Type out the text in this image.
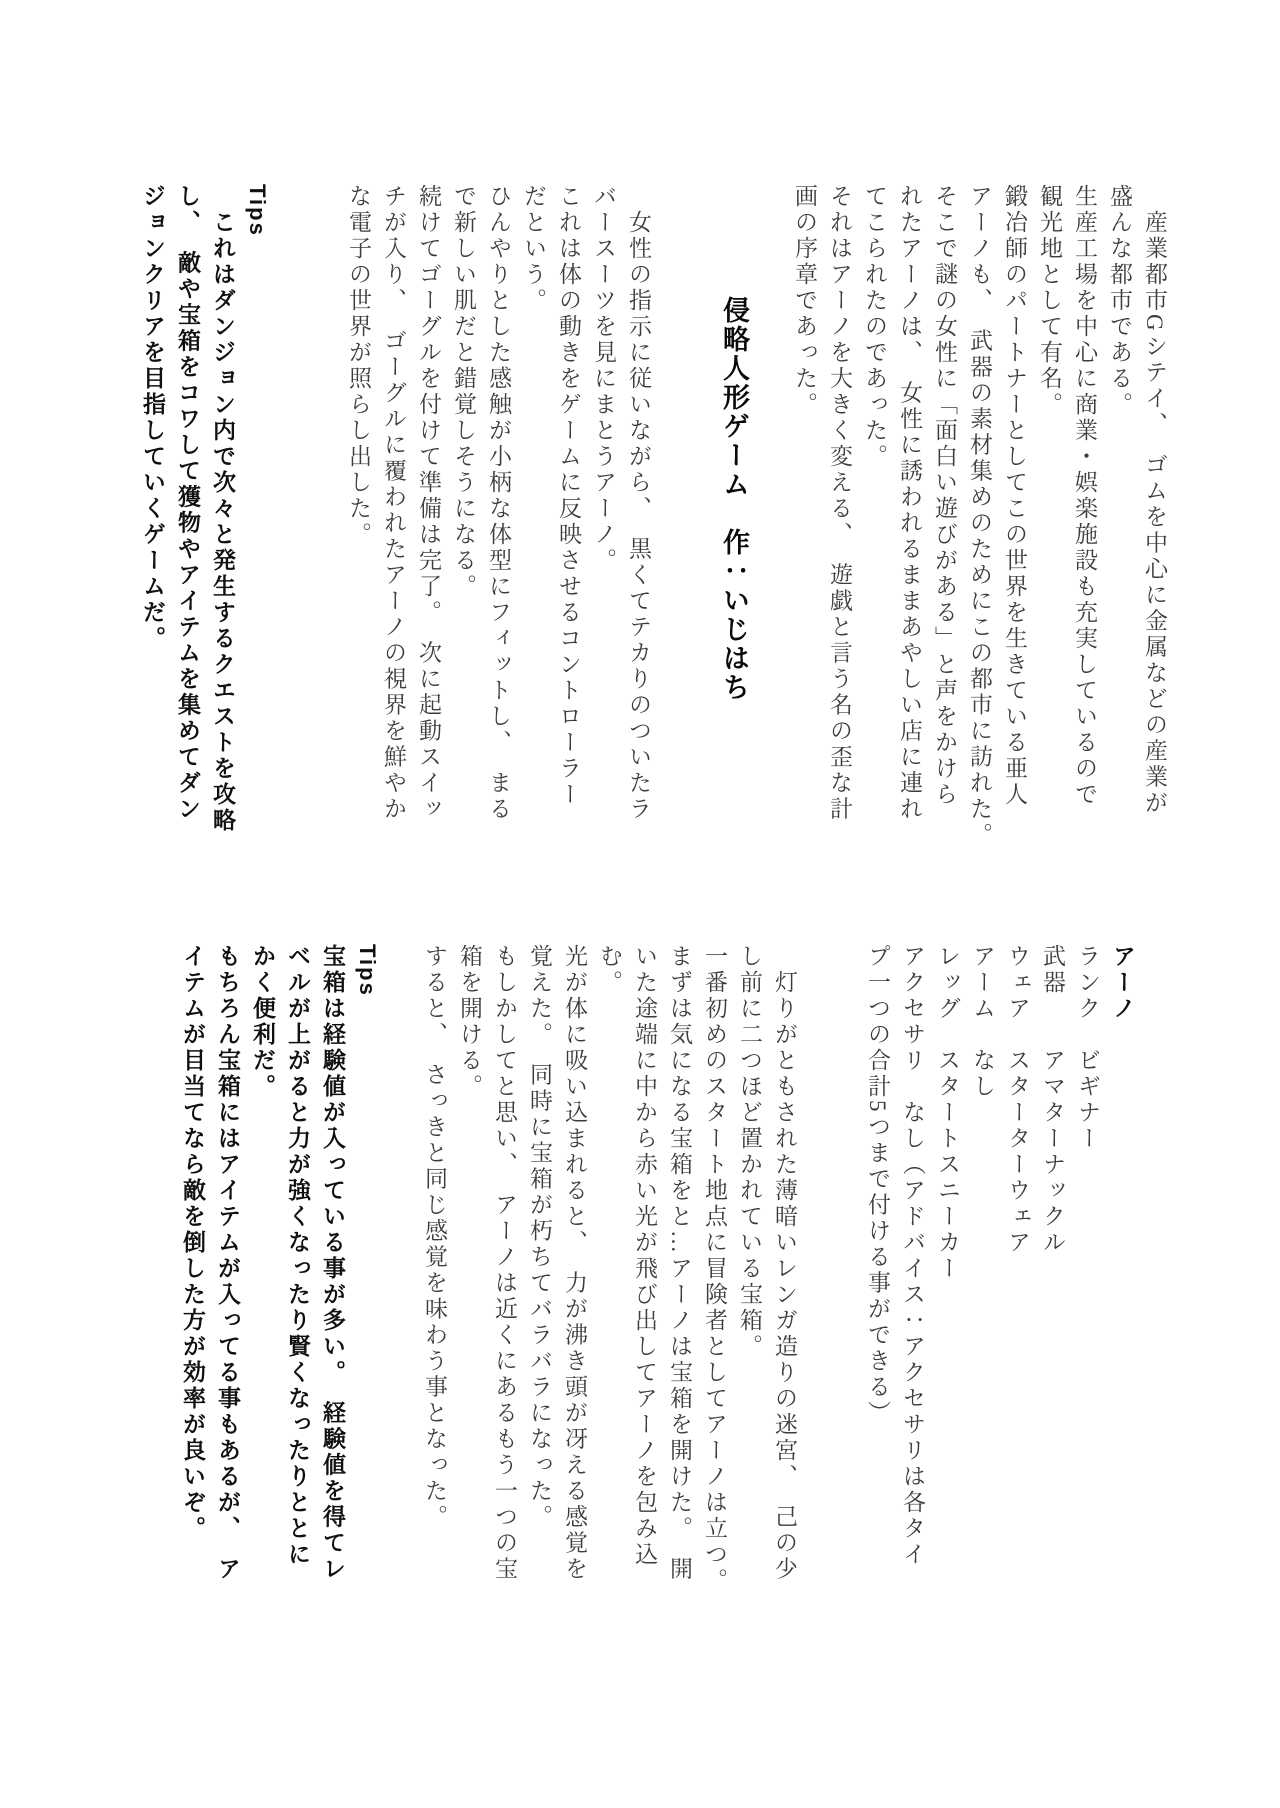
　産業都市Gシテイ、　ゴムを中心に金属などの産業が

盛んな都市である。

生産工場を中心に商業・娯楽施設も充実しているので

観光地として有名。

鍛冶師のパートナーとしてこの世界を生きている亜人

アーノも、　武器の素材集めのためにこの都市に訪れた。

そこで謎の女性に「面白い遊びがある」と声をかけら

れたアーノは、　女性に誘われるままあやしい店に連れ

てこられたのであった。

それはアーノを大きく変える、　遊戯と言う名の歪な計

画の序章であった。

侵略人形ゲーム　作：いじはち

　女性の指示に従いながら、　黒くてテカりのついたラ

バースーツを見にまとうアーノ。

これは体の動きをゲームに反映させるコントローラー

だという。

ひんやりとした感触が小柄な体型にフィットし、　まる

で新しい肌だと錯覚しそうになる。

続けてゴーグルを付けて準備は完了。　次に起動スイッ

チが入り、　ゴーグルに覆われたアーノの視界を鮮やか

な電子の世界が照らし出した。

Tips

　これはダンジョン内で次々と発生するクエストを攻略

し、　敵や宝箱をコワして獲物やアイテムを集めてダン

ジョンクリアを目指していくゲームだ。

アーノ

ランク　ビギナー

武器　　アマターナックル

ウェア　スターターウェア

アーム　なし

レッグ　スタートスニーカー

アクセサリ　なし（アドバイス：アクセサリは各タイ

プ一つの合計5つまで付ける事ができる）

　灯りがともされた薄暗いレンガ造りの迷宮、　己の少

し前に二つほど置かれている宝箱。

一番初めのスタート地点に冒険者としてアーノは立つ。

まずは気になる宝箱をと…アーノは宝箱を開けた。　開

いた途端に中から赤い光が飛び出してアーノを包み込

む。

光が体に吸い込まれると、　力が沸き頭が冴える感覚を

覚えた。　同時に宝箱が朽ちてバラバラになった。

もしかしてと思い、　アーノは近くにあるもう一つの宝

箱を開ける。

すると、　さっきと同じ感覚を味わう事となった。

Tips

宝箱は経験値が入っている事が多い。　経験値を得てレ

ベルが上がると力が強くなったり賢くなったりととに

かく便利だ。

もちろん宝箱にはアイテムが入ってる事もあるが、　ア

イテムが目当てなら敵を倒した方が効率が良いぞ。
